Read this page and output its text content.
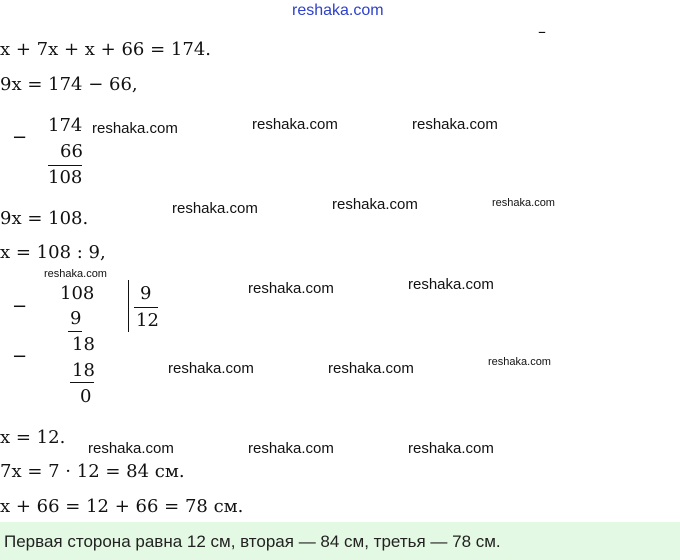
reshaka.com
–
x + 7x + x + 66 = 174.
9x = 174 − 66,
−
174
66
108
9x = 108.
x = 108 : 9,
−
108
9
9
12
−
18
18
0
x = 12.
7x = 7 · 12 = 84 см.
x + 66 = 12 + 66 = 78 см.
reshaka.com	reshaka.com	reshaka.com
reshaka.com	reshaka.com	reshaka.com
reshaka.com
reshaka.com	reshaka.com
reshaka.com	reshaka.com	reshaka.com
reshaka.com	reshaka.com	reshaka.com
Первая сторона равна 12 см, вторая — 84 см, третья — 78 см.
